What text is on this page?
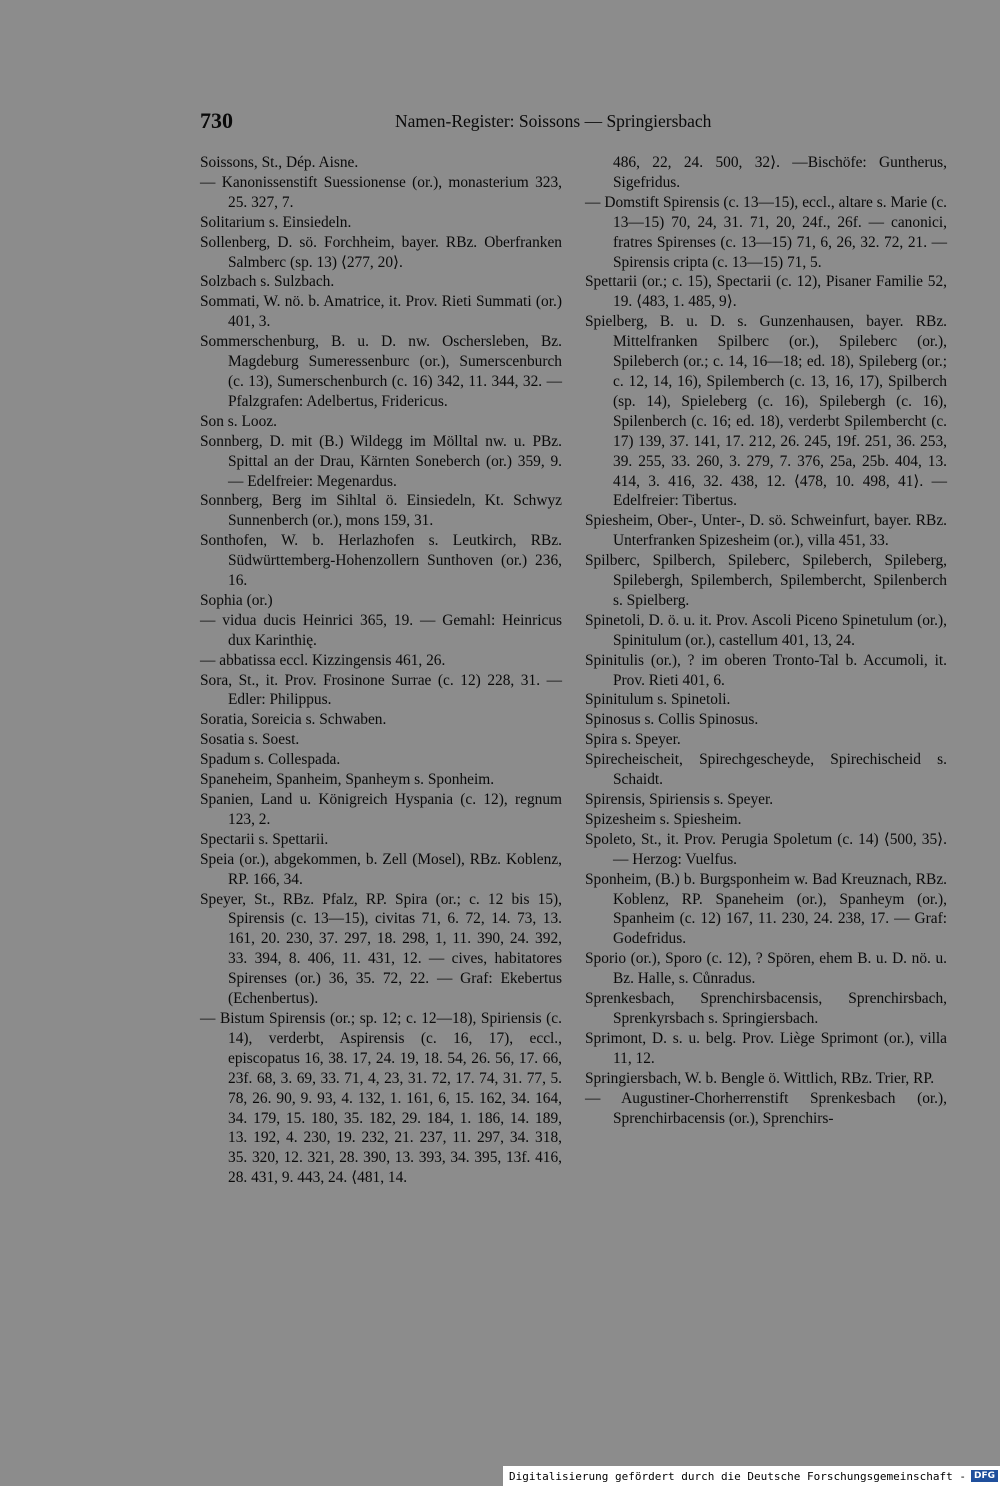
730	Namen-Register: Soissons — Springiersbach
Soissons, St., Dép. Aisne.
— Kanonissenstift Suessionense (or.), monasterium 323, 25. 327, 7.
Solitarium s. Einsiedeln.
Sollenberg, D. sö. Forchheim, bayer. RBz. Oberfranken Salmberc (sp. 13) ⟨277, 20⟩.
Solzbach s. Sulzbach.
Sommati, W. nö. b. Amatrice, it. Prov. Rieti Summati (or.) 401, 3.
Sommerschenburg, B. u. D. nw. Oschersleben, Bz. Magdeburg Sumeressenburc (or.), Sumerscenburch (c. 13), Sumerschenburch (c. 16) 342, 11. 344, 32. — Pfalzgrafen: Adelbertus, Fridericus.
Son s. Looz.
Sonnberg, D. mit (B.) Wildegg im Mölltal nw. u. PBz. Spittal an der Drau, Kärnten Soneberch (or.) 359, 9. — Edelfreier: Megenardus.
Sonnberg, Berg im Sihltal ö. Einsiedeln, Kt. Schwyz Sunnenberch (or.), mons 159, 31.
Sonthofen, W. b. Herlazhofen s. Leutkirch, RBz. Südwürttemberg-Hohenzollern Sunthoven (or.) 236, 16.
Sophia (or.)
— vidua ducis Heinrici 365, 19. — Gemahl: Heinricus dux Karinthię.
— abbatissa eccl. Kizzingensis 461, 26.
Sora, St., it. Prov. Frosinone Surrae (c. 12) 228, 31. — Edler: Philippus.
Soratia, Soreicia s. Schwaben.
Sosatia s. Soest.
Spadum s. Collespada.
Spaneheim, Spanheim, Spanheym s. Sponheim.
Spanien, Land u. Königreich Hyspania (c. 12), regnum 123, 2.
Spectarii s. Spettarii.
Speia (or.), abgekommen, b. Zell (Mosel), RBz. Koblenz, RP. 166, 34.
Speyer, St., RBz. Pfalz, RP. Spira (or.; c. 12 bis 15), Spirensis (c. 13—15), civitas 71, 6. 72, 14. 73, 13. 161, 20. 230, 37. 297, 18. 298, 1, 11. 390, 24. 392, 33. 394, 8. 406, 11. 431, 12. — cives, habitatores Spirenses (or.) 36, 35. 72, 22. — Graf: Ekebertus (Echenbertus).
— Bistum Spirensis (or.; sp. 12; c. 12—18), Spiriensis (c. 14), verderbt, Aspirensis (c. 16, 17), eccl., episcopatus 16, 38. 17, 24. 19, 18. 54, 26. 56, 17. 66, 23f. 68, 3. 69, 33. 71, 4, 23, 31. 72, 17. 74, 31. 77, 5. 78, 26. 90, 9. 93, 4. 132, 1. 161, 6, 15. 162, 34. 164, 34. 179, 15. 180, 35. 182, 29. 184, 1. 186, 14. 189, 13. 192, 4. 230, 19. 232, 21. 237, 11. 297, 34. 318, 35. 320, 12. 321, 28. 390, 13. 393, 34. 395, 13f. 416, 28. 431, 9. 443, 24. ⟨481, 14.
486, 22, 24. 500, 32⟩. —Bischöfe: Guntherus, Sigefridus.
— Domstift Spirensis (c. 13—15), eccl., altare s. Marie (c. 13—15) 70, 24, 31. 71, 20, 24f., 26f. — canonici, fratres Spirenses (c. 13—15) 71, 6, 26, 32. 72, 21. — Spirensis cripta (c. 13—15) 71, 5.
Spettarii (or.; c. 15), Spectarii (c. 12), Pisaner Familie 52, 19. ⟨483, 1. 485, 9⟩.
Spielberg, B. u. D. s. Gunzenhausen, bayer. RBz. Mittelfranken Spilberc (or.), Spileberc (or.), Spileberch (or.; c. 14, 16—18; ed. 18), Spileberg (or.; c. 12, 14, 16), Spilemberch (c. 13, 16, 17), Spilberch (sp. 14), Spieleberg (c. 16), Spilebergh (c. 16), Spilenberch (c. 16; ed. 18), verderbt Spilembercht (c. 17) 139, 37. 141, 17. 212, 26. 245, 19f. 251, 36. 253, 39. 255, 33. 260, 3. 279, 7. 376, 25a, 25b. 404, 13. 414, 3. 416, 32. 438, 12. ⟨478, 10. 498, 41⟩. — Edelfreier: Tibertus.
Spiesheim, Ober-, Unter-, D. sö. Schweinfurt, bayer. RBz. Unterfranken Spizesheim (or.), villa 451, 33.
Spilberc, Spilberch, Spileberc, Spileberch, Spileberg, Spilebergh, Spilemberch, Spilembercht, Spilenberch s. Spielberg.
Spinetoli, D. ö. u. it. Prov. Ascoli Piceno Spinetulum (or.), Spinitulum (or.), castellum 401, 13, 24.
Spinitulis (or.), ? im oberen Tronto-Tal b. Accumoli, it. Prov. Rieti 401, 6.
Spinitulum s. Spinetoli.
Spinosus s. Collis Spinosus.
Spira s. Speyer.
Spirecheischeit, Spirechgescheyde, Spirechischeid s. Schaidt.
Spirensis, Spiriensis s. Speyer.
Spizesheim s. Spiesheim.
Spoleto, St., it. Prov. Perugia Spoletum (c. 14) ⟨500, 35⟩. — Herzog: Vuelfus.
Sponheim, (B.) b. Burgsponheim w. Bad Kreuznach, RBz. Koblenz, RP. Spaneheim (or.), Spanheym (or.), Spanheim (c. 12) 167, 11. 230, 24. 238, 17. — Graf: Godefridus.
Sporio (or.), Sporo (c. 12), ? Spören, ehem B. u. D. nö. u. Bz. Halle, s. Cůnradus.
Sprenkesbach, Sprenchirsbacensis, Sprenchirsbach, Sprenkyrsbach s. Springiersbach.
Sprimont, D. s. u. belg. Prov. Liège Sprimont (or.), villa 11, 12.
Springiersbach, W. b. Bengle ö. Wittlich, RBz. Trier, RP.
— Augustiner-Chorherrenstift Sprenkesbach (or.), Sprenchirbacensis (or.), Sprenchirs-
Digitalisierung gefördert durch die Deutsche Forschungsgemeinschaft - DFG
